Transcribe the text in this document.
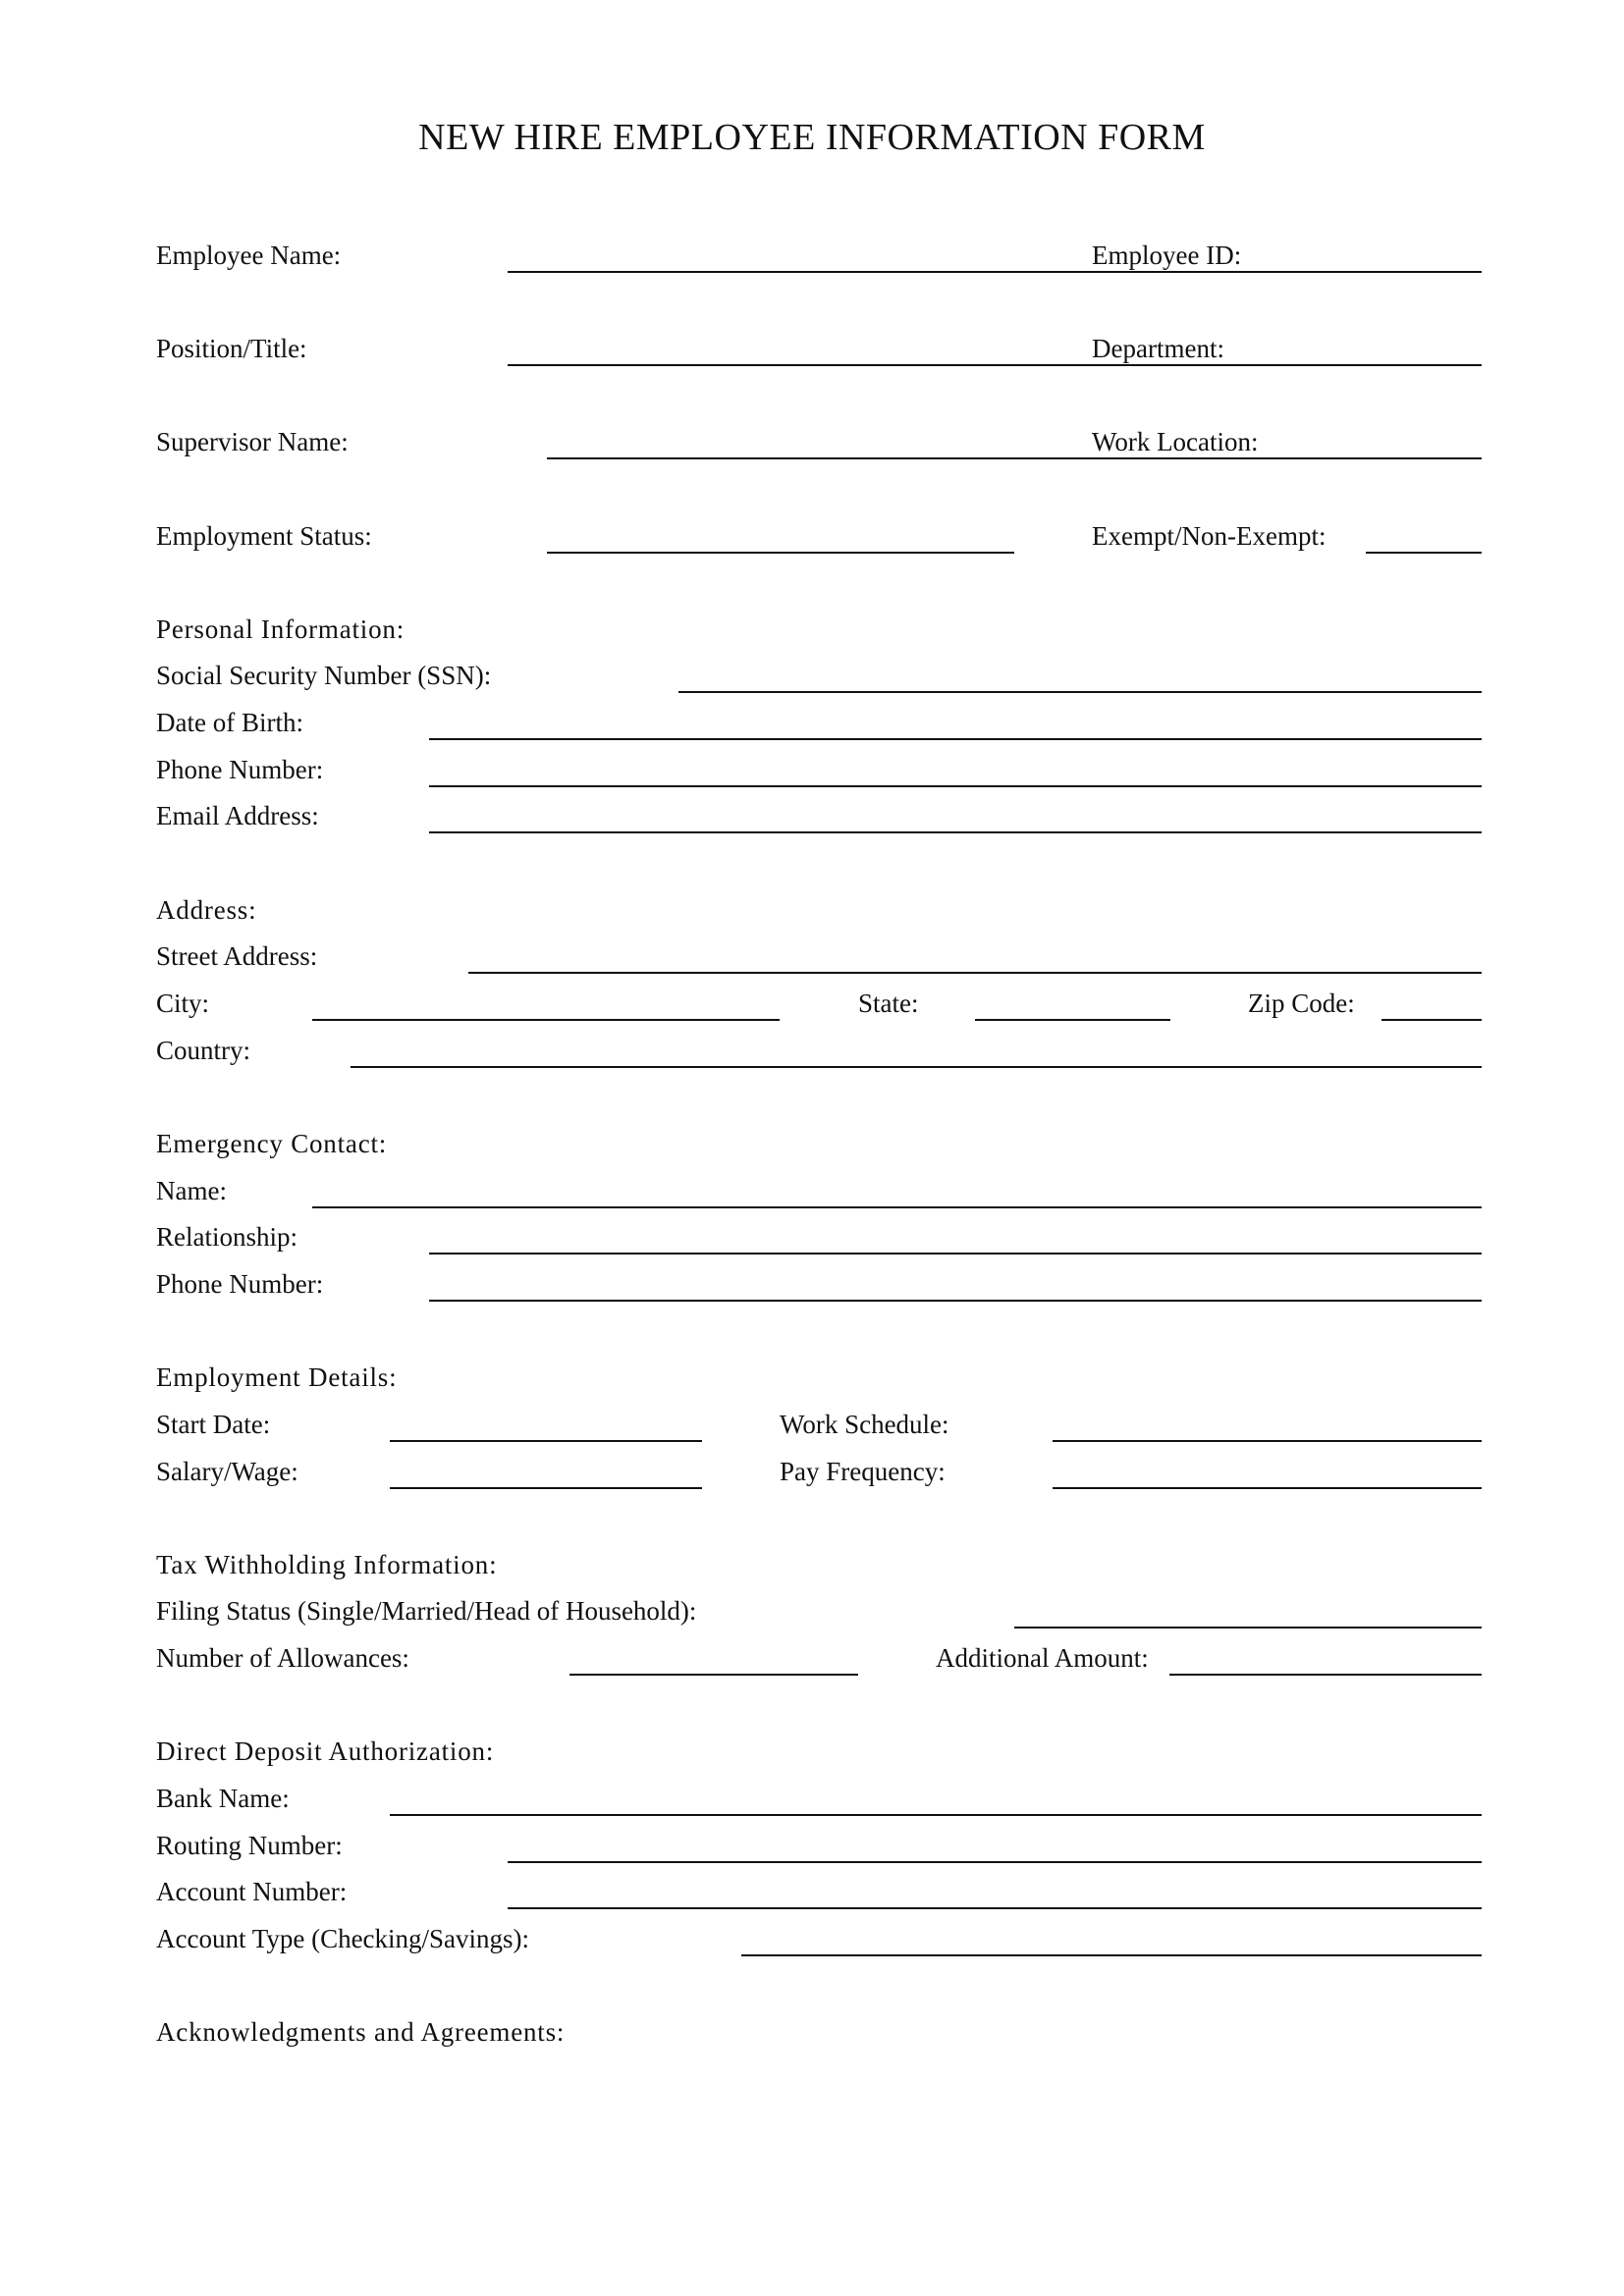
NEW HIRE EMPLOYEE INFORMATION FORM
Employee Name:	Employee ID:
Position/Title:	Department:
Supervisor Name:	Work Location:
Employment Status:	Exempt/Non-Exempt:
Personal Information:
Social Security Number (SSN):
Date of Birth:
Phone Number:
Email Address:
Address:
Street Address:
City:	State:	Zip Code:
Country:
Emergency Contact:
Name:
Relationship:
Phone Number:
Employment Details:
Start Date:	Work Schedule:
Salary/Wage:	Pay Frequency:
Tax Withholding Information:
Filing Status (Single/Married/Head of Household):
Number of Allowances:	Additional Amount:
Direct Deposit Authorization:
Bank Name:
Routing Number:
Account Number:
Account Type (Checking/Savings):
Acknowledgments and Agreements:
